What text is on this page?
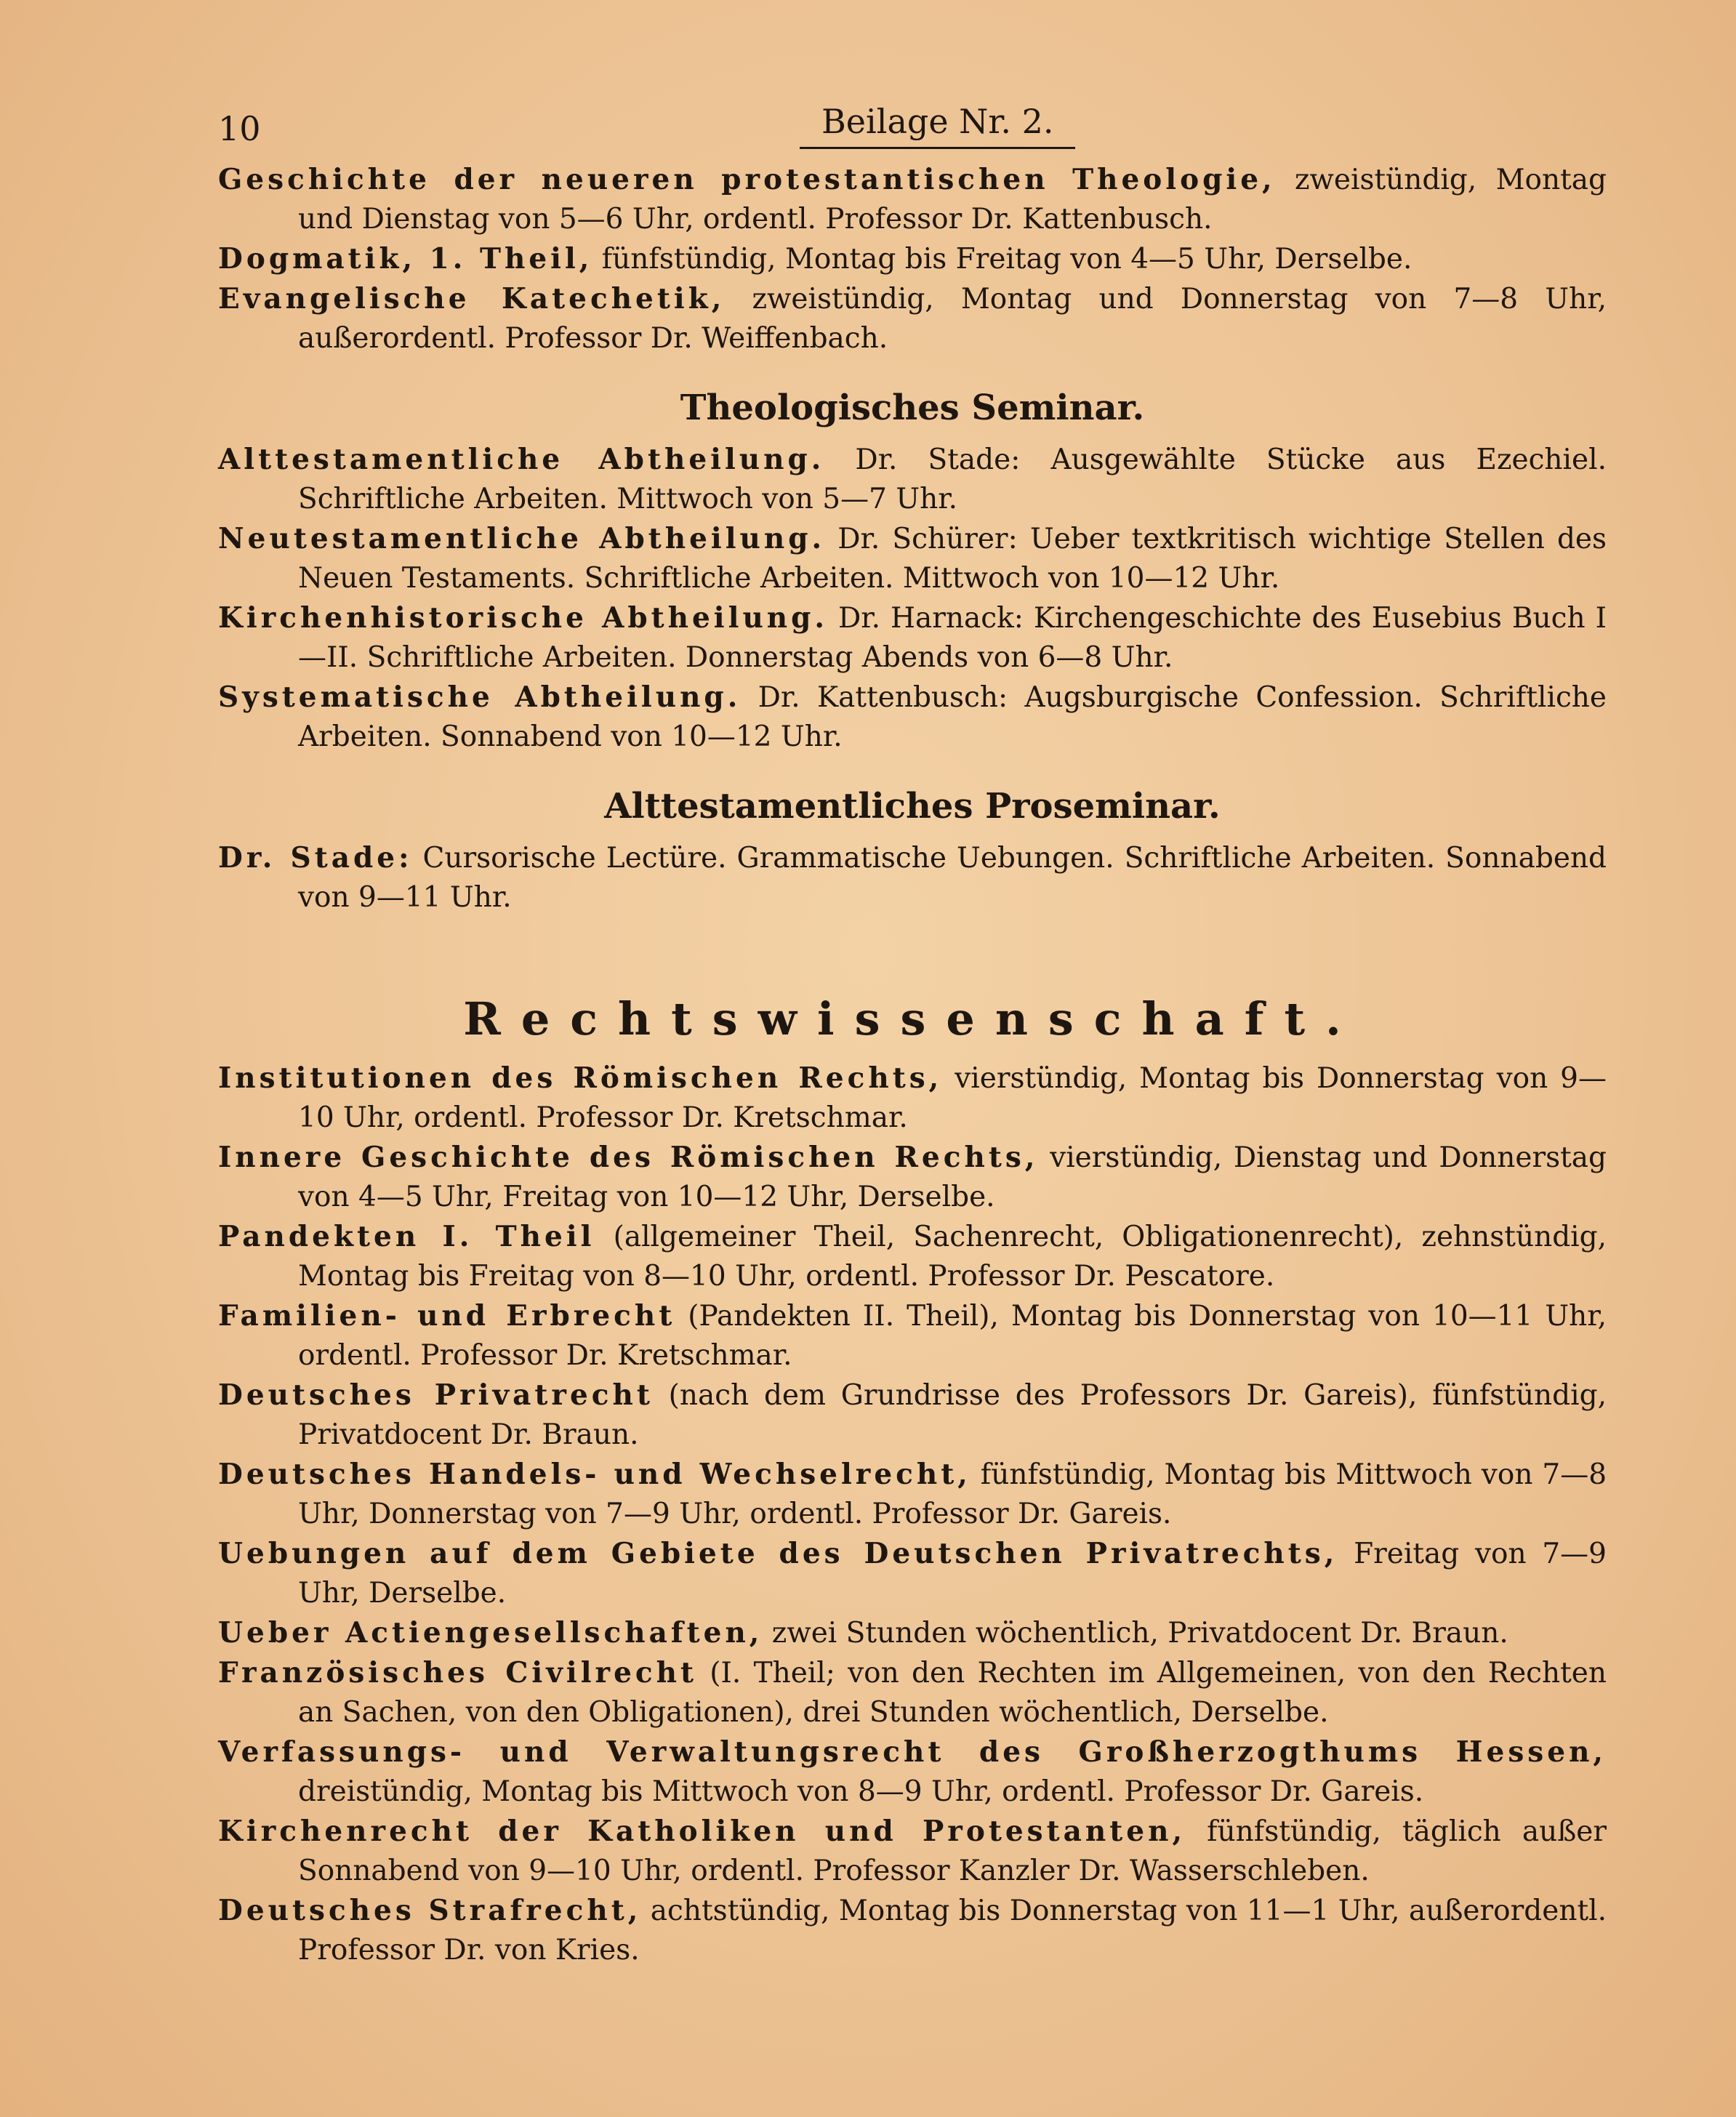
10	Beilage Nr. 2.

Geschichte der neueren protestantischen Theologie, zweistündig, Montag und Dienstag von 5—6 Uhr, ordentl. Professor Dr. Kattenbusch.

Dogmatik, 1. Theil, fünfstündig, Montag bis Freitag von 4—5 Uhr, Derselbe.

Evangelische Katechetik, zweistündig, Montag und Donnerstag von 7—8 Uhr, außerordentl. Professor Dr. Weiffenbach.

Theologisches Seminar.

Alttestamentliche Abtheilung. Dr. Stade: Ausgewählte Stücke aus Ezechiel. Schriftliche Arbeiten. Mittwoch von 5—7 Uhr.

Neutestamentliche Abtheilung. Dr. Schürer: Ueber textkritisch wichtige Stellen des Neuen Testaments. Schriftliche Arbeiten. Mittwoch von 10—12 Uhr.

Kirchenhistorische Abtheilung. Dr. Harnack: Kirchengeschichte des Eusebius Buch I—II. Schriftliche Arbeiten. Donnerstag Abends von 6—8 Uhr.

Systematische Abtheilung. Dr. Kattenbusch: Augsburgische Confession. Schriftliche Arbeiten. Sonnabend von 10—12 Uhr.

Alttestamentliches Proseminar.

Dr. Stade: Cursorische Lectüre. Grammatische Uebungen. Schriftliche Arbeiten. Sonnabend von 9—11 Uhr.

Rechtswissenschaft.

Institutionen des Römischen Rechts, vierstündig, Montag bis Donnerstag von 9—10 Uhr, ordentl. Professor Dr. Kretschmar.

Innere Geschichte des Römischen Rechts, vierstündig, Dienstag und Donnerstag von 4—5 Uhr, Freitag von 10—12 Uhr, Derselbe.

Pandekten I. Theil (allgemeiner Theil, Sachenrecht, Obligationenrecht), zehnstündig, Montag bis Freitag von 8—10 Uhr, ordentl. Professor Dr. Pescatore.

Familien- und Erbrecht (Pandekten II. Theil), Montag bis Donnerstag von 10—11 Uhr, ordentl. Professor Dr. Kretschmar.

Deutsches Privatrecht (nach dem Grundrisse des Professors Dr. Gareis), fünfstündig, Privatdocent Dr. Braun.

Deutsches Handels- und Wechselrecht, fünfstündig, Montag bis Mittwoch von 7—8 Uhr, Donnerstag von 7—9 Uhr, ordentl. Professor Dr. Gareis.

Uebungen auf dem Gebiete des Deutschen Privatrechts, Freitag von 7—9 Uhr, Derselbe.

Ueber Actiengesellschaften, zwei Stunden wöchentlich, Privatdocent Dr. Braun.

Französisches Civilrecht (I. Theil; von den Rechten im Allgemeinen, von den Rechten an Sachen, von den Obligationen), drei Stunden wöchentlich, Derselbe.

Verfassungs- und Verwaltungsrecht des Großherzogthums Hessen, dreistündig, Montag bis Mittwoch von 8—9 Uhr, ordentl. Professor Dr. Gareis.

Kirchenrecht der Katholiken und Protestanten, fünfstündig, täglich außer Sonnabend von 9—10 Uhr, ordentl. Professor Kanzler Dr. Wasserschleben.

Deutsches Strafrecht, achtstündig, Montag bis Donnerstag von 11—1 Uhr, außerordentl. Professor Dr. von Kries.
